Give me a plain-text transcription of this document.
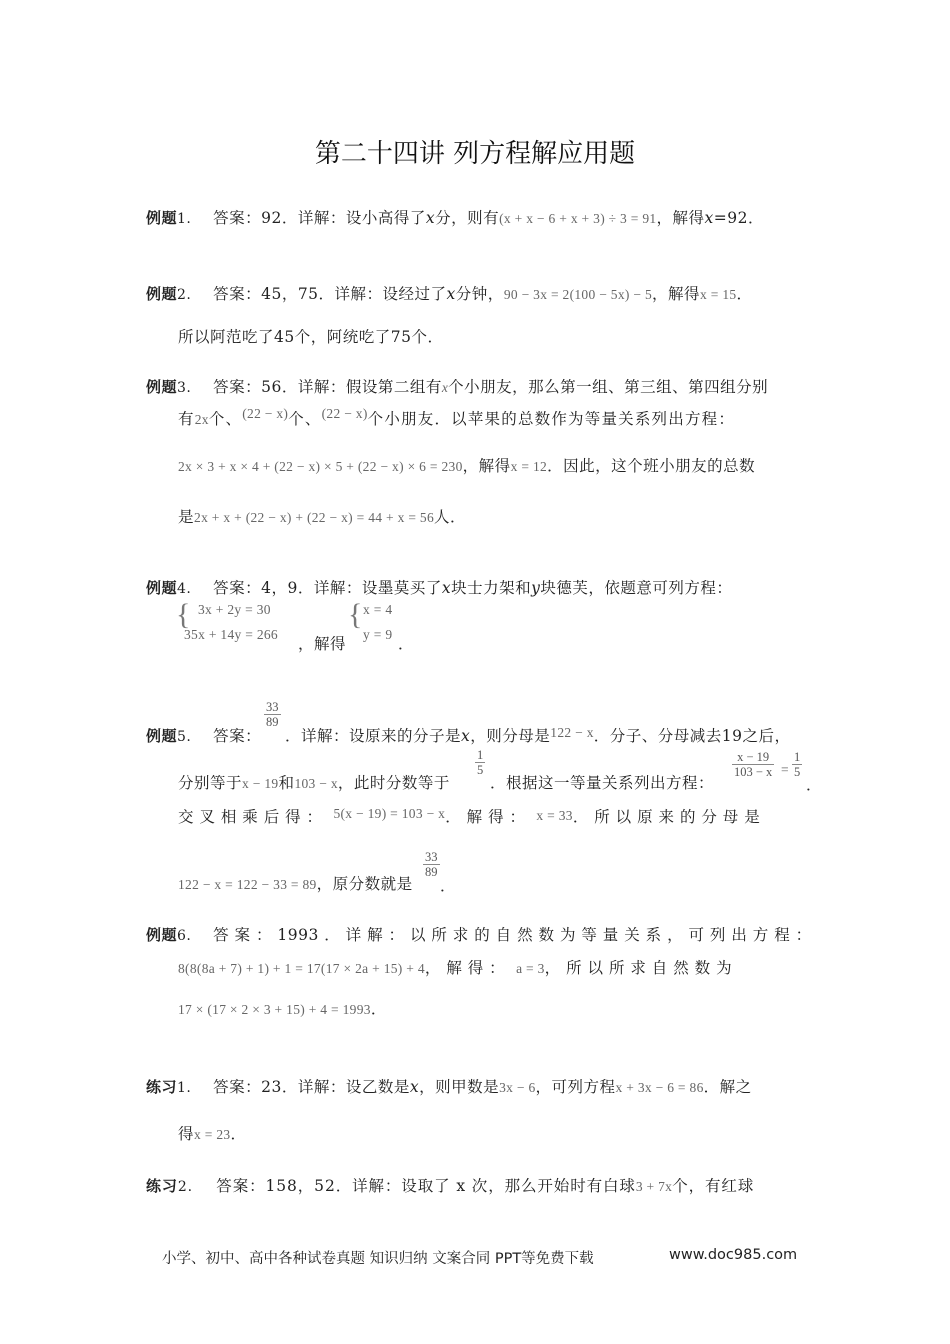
第二十四讲 列方程解应用题
例题1. 答案：92．详解：设小高得了x分，则有(x + x − 6 + x + 3) ÷ 3 = 91，解得x=92．
例题2. 答案：45，75．详解：设经过了x分钟，90 − 3x = 2(100 − 5x) − 5，解得x = 15．
所以阿范吃了45个，阿统吃了75个．
例题3. 答案：56．详解：假设第二组有x个小朋友，那么第一组、第三组、第四组分别
有2x个、(22 − x)个、(22 − x)个小朋友．以苹果的总数作为等量关系列出方程：
2x × 3 + x × 4 + (22 − x) × 5 + (22 − x) × 6 = 230，解得x = 12．因此，这个班小朋友的总数
是2x + x + (22 − x) + (22 − x) = 44 + x = 56人．
例题4. 答案：4，9．详解：设墨莫买了x块士力架和y块德芙，依题意可列方程：
{ 3x + 2y = 30
35x + 14y = 266
，解得
{ x = 4
y = 9
．
例题5. 答案：
$\frac{33}{89}$
．详解：设原来的分子是x，则分母是122 − x．分子、分母减去19之后，
分别等于x − 19和103 − x，此时分数等于
$\frac{1}{5}$
．根据这一等量关系列出方程：
$\frac{x - 19}{103 - x} = \frac{1}{5}$
．
交 叉 相 乘 后 得 ： 5(x − 19) = 103 − x． 解 得 ： x = 33． 所 以 原 来 的 分 母 是
122 − x = 122 − 33 = 89，原分数就是
$\frac{33}{89}$
．
例题6. 答 案 ： 1993 ． 详 解 ： 以 所 求 的 自 然 数 为 等 量 关 系 ， 可 列 出 方 程 ：
8(8(8a + 7) + 1) + 1 = 17(17 × 2a + 15) + 4， 解 得 ： a = 3， 所 以 所 求 自 然 数 为
17 × (17 × 2 × 3 + 15) + 4 = 1993．
练习1. 答案：23．详解：设乙数是x，则甲数是3x − 6，可列方程x + 3x − 6 = 86．解之
得x = 23．
练习2. 答案：158，52．详解：设取了 x 次，那么开始时有白球3 + 7x个，有红球
小学、初中、高中各种试卷真题 知识归纳 文案合同 PPT等免费下载	www.doc985.com
